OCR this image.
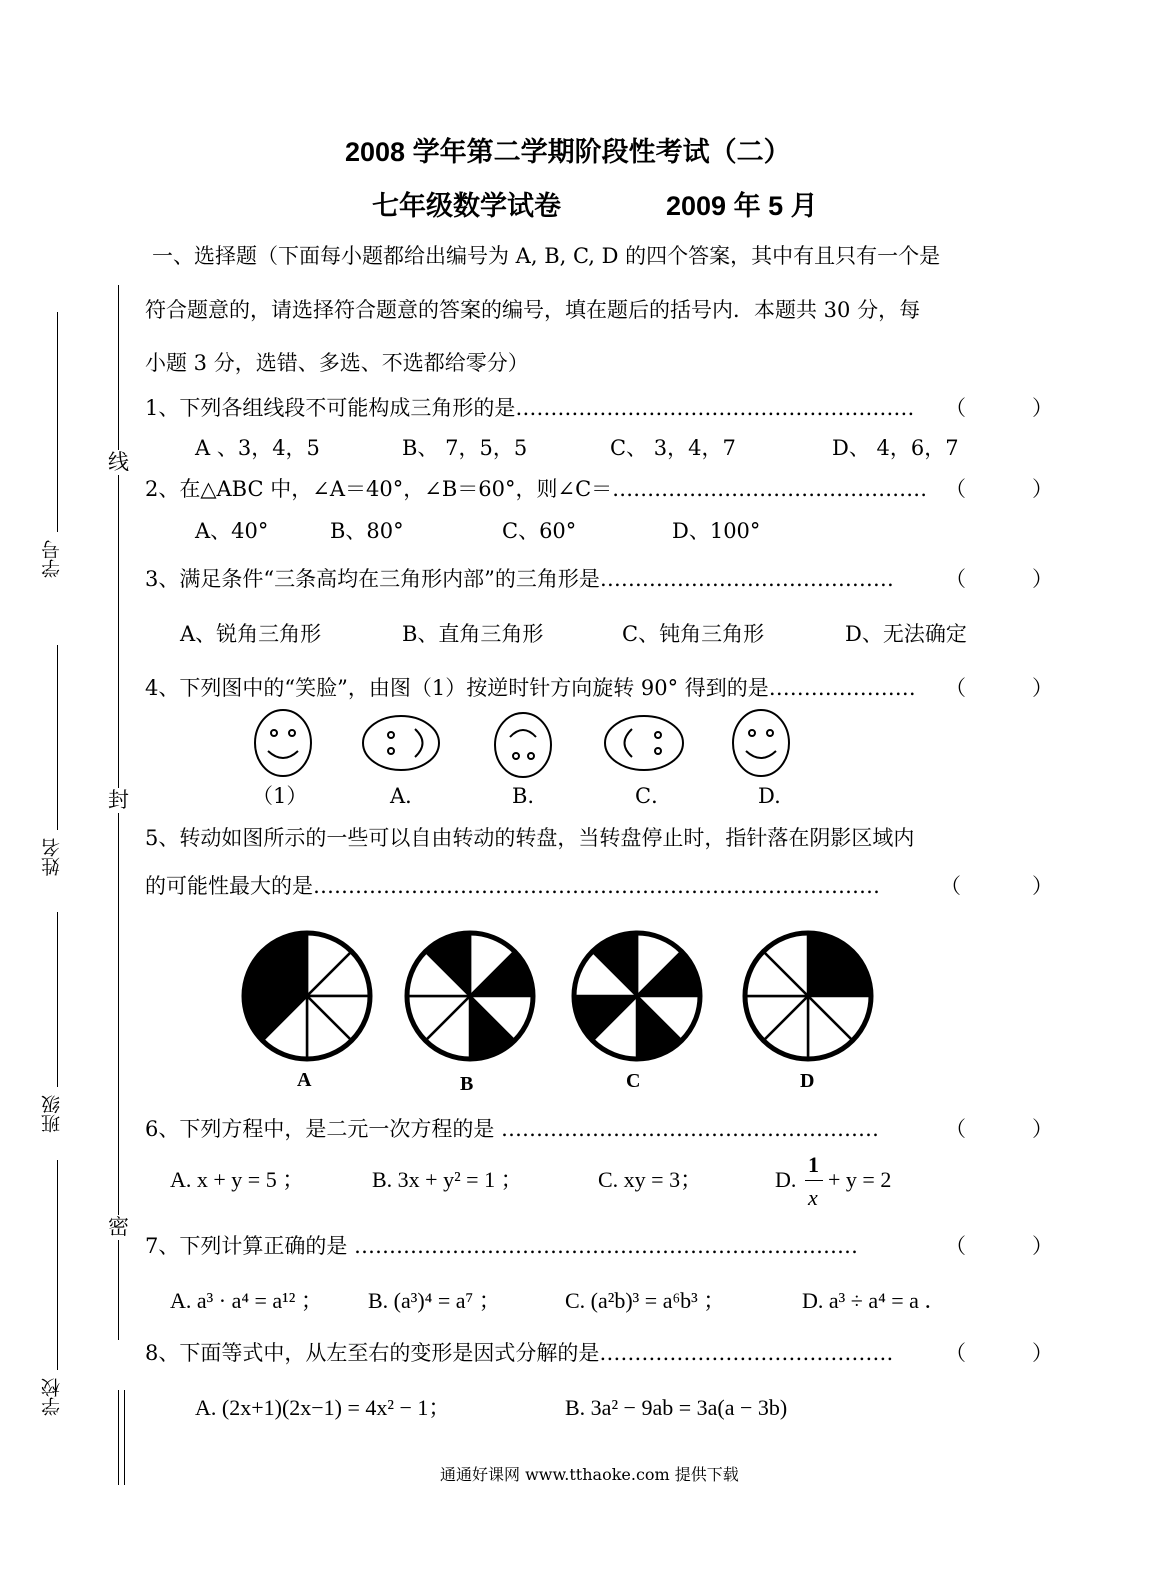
2008 学年第二学期阶段性考试（二）
七年级数学试卷	2009 年 5 月
线
封
密
学号
姓名
班级
学校
一、选择题（下面每小题都给出编号为 A, B, C, D 的四个答案，其中有且只有一个是
符合题意的，请选择符合题意的答案的编号，填在题后的括号内．本题共 30 分，每
小题 3 分，选错、多选、不选都给零分）
1、下列各组线段不可能构成三角形的是………………………………………………… （	）
A 、3，4，5	B、 7，5，5	C、 3，4，7	D、 4，6，7
2、在△ABC 中，∠A＝40°，∠B＝60°，则∠C＝……………………………………… （	）
A、40°	B、80°	C、60°	D、100°
3、满足条件“三条高均在三角形内部”的三角形是…………………………………… （	）
A、锐角三角形	B、直角三角形	C、钝角三角形	D、无法确定
4、下列图中的“笑脸”，由图（1）按逆时针方向旋转 90° 得到的是………………… （	）
（1）	A．	B.	C．	D.
5、转动如图所示的一些可以自由转动的转盘，当转盘停止时，指针落在阴影区域内
的可能性最大的是………………………………………………………………………	（	）
A	B	C	D
6、下列方程中，是二元一次方程的是 ………………………………………………	（	）
A. x + y = 5 ；	B. 3x + y² = 1 ；	C. xy = 3；	D.
1
x
+ y = 2
7、下列计算正确的是 ………………………………………………………………	（	）
A. a³ · a⁴ = a¹² ； B. (a³)⁴ = a⁷ ；	C. (a²b)³ = a⁶b³ ；	D. a³ ÷ a⁴ = a ．
8、下面等式中，从左至右的变形是因式分解的是…………………………………… （	）
A. (2x+1)(2x−1) = 4x² − 1；	B. 3a² − 9ab = 3a(a − 3b)
通通好课网 www.tthaoke.com 提供下载
